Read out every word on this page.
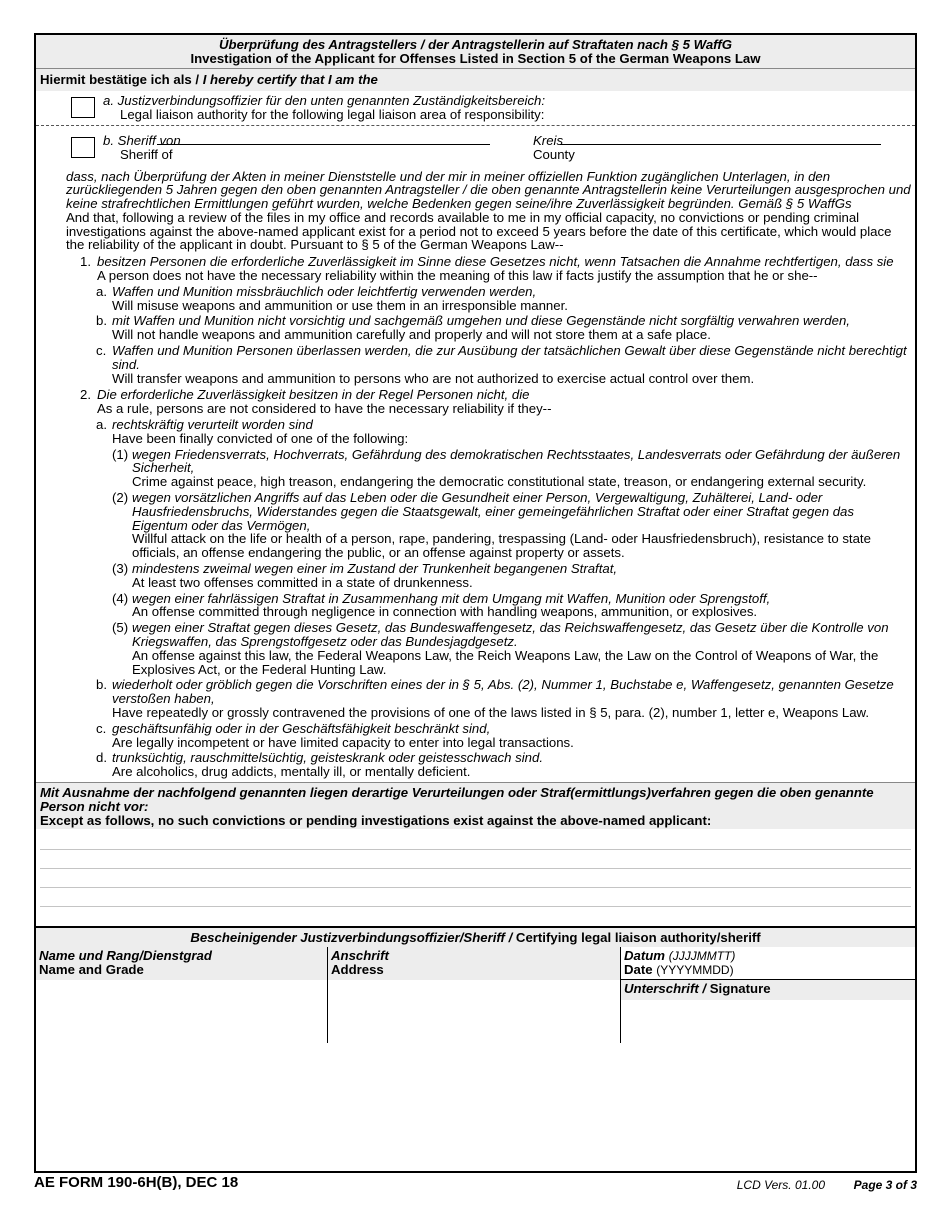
Überprüfung des Antragstellers / der Antragstellerin auf Straftaten nach § 5 WaffG
Investigation of the Applicant for Offenses Listed in Section 5 of the German Weapons Law
Hiermit bestätige ich als / I hereby certify that I am the
a. Justizverbindungsoffizier für den unten genannten Zuständigkeitsbereich:
Legal liaison authority for the following legal liaison area of responsibility:
b. Sheriff von
Sheriff of
Kreis
County

dass, nach Überprüfung der Akten in meiner Dienststelle und der mir in meiner offiziellen Funktion zugänglichen Unterlagen, in den zurückliegenden 5 Jahren gegen den oben genannten Antragsteller / die oben genannte Antragstellerin keine Verurteilungen ausgesprochen und keine strafrechtlichen Ermittlungen geführt wurden, welche Bedenken gegen seine/ihre Zuverlässigkeit begründen. Gemäß § 5 WaffGs

And that, following a review of the files in my office and records available to me in my official capacity, no convictions or pending criminal investigations against the above-named applicant exist for a period not to exceed 5 years before the date of this certificate, which would place the reliability of the applicant in doubt. Pursuant to § 5 of the German Weapons Law--

1. besitzen Personen die erforderliche Zuverlässigkeit im Sinne diese Gesetzes nicht, wenn Tatsachen die Annahme rechtfertigen, dass sie
A person does not have the necessary reliability within the meaning of this law if facts justify the assumption that he or she--
a. Waffen und Munition missbräuchlich oder leichtfertig verwenden werden,
Will misuse weapons and ammunition or use them in an irresponsible manner.
b. mit Waffen und Munition nicht vorsichtig und sachgemäß umgehen und diese Gegenstände nicht sorgfältig verwahren werden,
Will not handle weapons and ammunition carefully and properly and will not store them at a safe place.
c. Waffen und Munition Personen überlassen werden, die zur Ausübung der tatsächlichen Gewalt über diese Gegenstände nicht berechtigt sind.
Will transfer weapons and ammunition to persons who are not authorized to exercise actual control over them.
2. Die erforderliche Zuverlässigkeit besitzen in der Regel Personen nicht, die
As a rule, persons are not considered to have the necessary reliability if they--
a. rechtskräftig verurteilt worden sind
Have been finally convicted of one of the following:
(1) wegen Friedensverrats, Hochverrats, Gefährdung des demokratischen Rechtsstaates, Landesverrats oder Gefährdung der äußeren Sicherheit,
Crime against peace, high treason, endangering the democratic constitutional state, treason, or endangering external security.
(2) wegen vorsätzlichen Angriffs auf das Leben oder die Gesundheit einer Person, Vergewaltigung, Zuhälterei, Land- oder Hausfriedensbruchs, Widerstandes gegen die Staatsgewalt, einer gemeingefährlichen Straftat oder einer Straftat gegen das Eigentum oder das Vermögen,
Willful attack on the life or health of a person, rape, pandering, trespassing (Land- oder Hausfriedensbruch), resistance to state officials, an offense endangering the public, or an offense against property or assets.
(3) mindestens zweimal wegen einer im Zustand der Trunkenheit begangenen Straftat,
At least two offenses committed in a state of drunkenness.
(4) wegen einer fahrlässigen Straftat in Zusammenhang mit dem Umgang mit Waffen, Munition oder Sprengstoff,
An offense committed through negligence in connection with handling weapons, ammunition, or explosives.
(5) wegen einer Straftat gegen dieses Gesetz, das Bundeswaffengesetz, das Reichswaffengesetz, das Gesetz über die Kontrolle von Kriegswaffen, das Sprengstoffgesetz oder das Bundesjagdgesetz.
An offense against this law, the Federal Weapons Law, the Reich Weapons Law, the Law on the Control of Weapons of War, the Explosives Act, or the Federal Hunting Law.
b. wiederholt oder gröblich gegen die Vorschriften eines der in § 5, Abs. (2), Nummer 1, Buchstabe e, Waffengesetz, genannten Gesetze verstoßen haben,
Have repeatedly or grossly contravened the provisions of one of the laws listed in § 5, para. (2), number 1, letter e, Weapons Law.
c. geschäftsunfähig oder in der Geschäftsfähigkeit beschränkt sind,
Are legally incompetent or have limited capacity to enter into legal transactions.
d. trunksüchtig, rauschmittelsüchtig, geisteskrank oder geistesschwach sind.
Are alcoholics, drug addicts, mentally ill, or mentally deficient.
Mit Ausnahme der nachfolgend genannten liegen derartige Verurteilungen oder Straf(ermittlungs)verfahren gegen die oben genannte Person nicht vor:
Except as follows, no such convictions or pending investigations exist against the above-named applicant:
Bescheinigender Justizverbindungsoffizier/Sheriff / Certifying legal liaison authority/sheriff
Name und Rang/Dienstgrad
Name and Grade
Anschrift
Address
Datum (JJJJMMTT)
Date (YYYYMMDD)
Unterschrift / Signature
AE FORM 190-6H(B), DEC 18	LCD Vers. 01.00 Page 3 of 3
